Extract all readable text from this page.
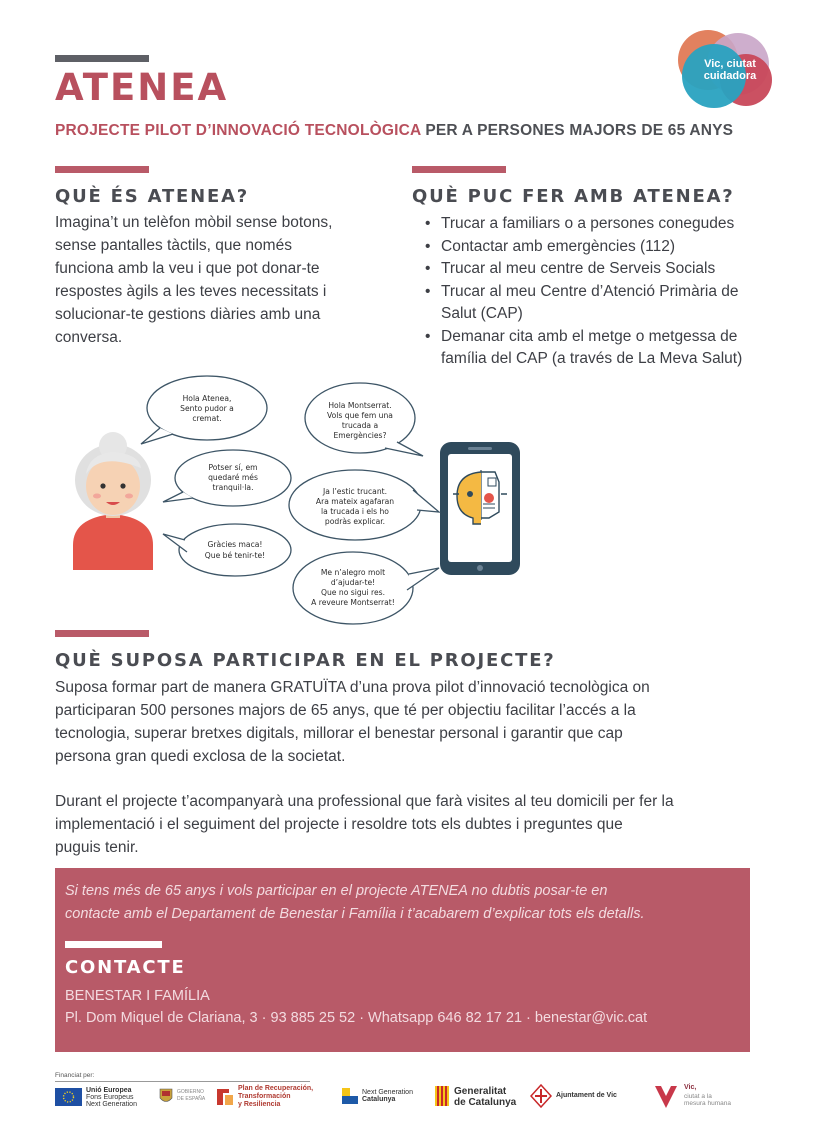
ATENEA
Vic, ciutat
cuidadora
PROJECTE PILOT D’INNOVACIÓ TECNOLÒGICA PER A PERSONES MAJORS DE 65 ANYS
QUÈ ÉS ATENEA?
Imagina’t un telèfon mòbil sense botons,
sense pantalles tàctils, que només
funciona amb la veu i que pot donar-te
respostes àgils a les teves necessitats i
solucionar-te gestions diàries amb una
conversa.
QUÈ PUC FER AMB ATENEA?
• Trucar a familiars o a persones conegudes
• Contactar amb emergències (112)
• Trucar al meu centre de Serveis Socials
• Trucar al meu Centre d’Atenció Primària de Salut (CAP)
• Demanar cita amb el metge o metgessa de família del CAP (a través de La Meva Salut)
Hola Atenea,
Sento pudor a
cremat.
Hola Montserrat.
Vols que fem una
trucada a
Emergències?
Potser sí, em
quedaré més
tranquil·la.	Ja l’estic trucant.
Ara mateix agafaran
la trucada i els ho
podràs explicar.
Gràcies maca!
Que bé tenir-te!
Me n’alegro molt
d’ajudar-te!
Que no sigui res.
A reveure Montserrat!
QUÈ SUPOSA PARTICIPAR EN EL PROJECTE?
Suposa formar part de manera GRATUÏTA d’una prova pilot d’innovació tecnològica on
participaran 500 persones majors de 65 anys, que té per objectiu facilitar l’accés a la
tecnologia, superar bretxes digitals, millorar el benestar personal i garantir que cap
persona gran quedi exclosa de la societat.
Durant el projecte t’acompanyarà una professional que farà visites al teu domicili per fer la
implementació i el seguiment del projecte i resoldre tots els dubtes i preguntes que
puguis tenir.
Si tens més de 65 anys i vols participar en el projecte ATENEA no dubtis posar-te en
contacte amb el Departament de Benestar i Família i t’acabarem d’explicar tots els detalls.
CONTACTE
BENESTAR I FAMÍLIA
Pl. Dom Miquel de Clariana, 3 · 93 885 25 52 · Whatsapp 646 82 17 21 · benestar@vic.cat
Financiat per:
Unió Europea
Fons Europeus
Next Generation
GOBIERNO
DE ESPAÑA
Plan de Recuperación,
Transformación
y Resiliencia
Next Generation
Catalunya
Generalitat
de Catalunya
Ajuntament de Vic
Vic,
ciutat a la
mesura humana
